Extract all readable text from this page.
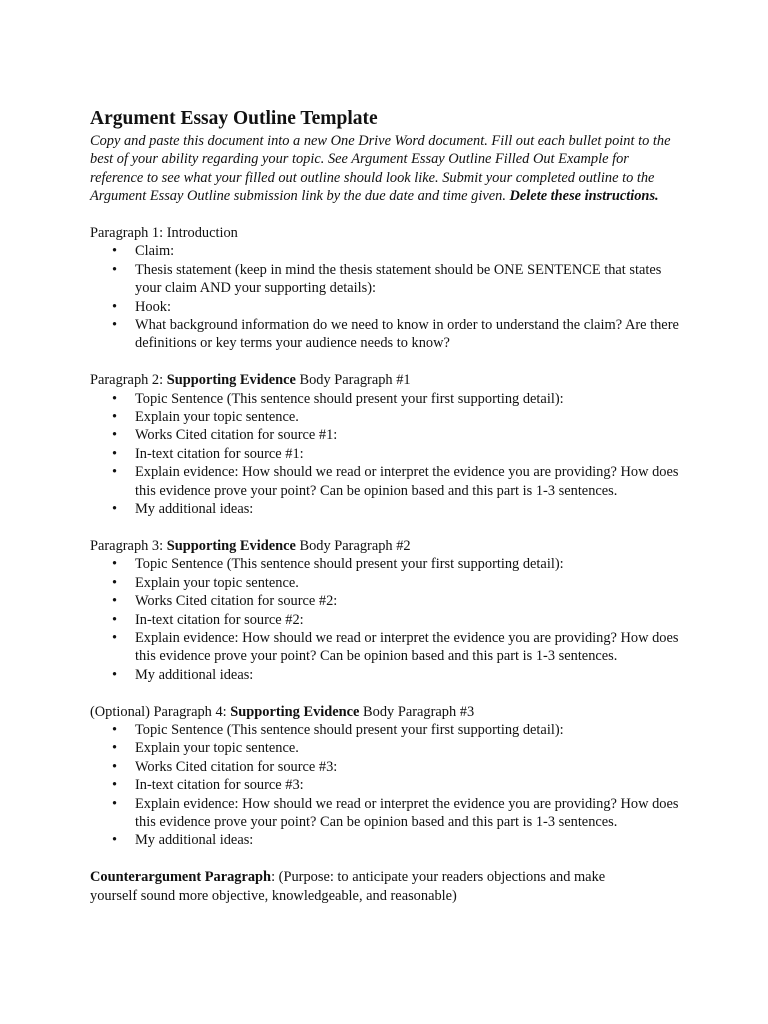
Argument Essay Outline Template

Copy and paste this document into a new One Drive Word document. Fill out each bullet point to the best of your ability regarding your topic. See Argument Essay Outline Filled Out Example for reference to see what your filled out outline should look like. Submit your completed outline to the Argument Essay Outline submission link by the due date and time given. Delete these instructions.

Paragraph 1: Introduction

• Claim:
• Thesis statement (keep in mind the thesis statement should be ONE SENTENCE that states your claim AND your supporting details):
• Hook:
• What background information do we need to know in order to understand the claim? Are there definitions or key terms your audience needs to know?

Paragraph 2: Supporting Evidence Body Paragraph #1

• Topic Sentence (This sentence should present your first supporting detail):
• Explain your topic sentence.
• Works Cited citation for source #1:
• In-text citation for source #1:
• Explain evidence: How should we read or interpret the evidence you are providing? How does this evidence prove your point? Can be opinion based and this part is 1-3 sentences.
• My additional ideas:

Paragraph 3: Supporting Evidence Body Paragraph #2

• Topic Sentence (This sentence should present your first supporting detail):
• Explain your topic sentence.
• Works Cited citation for source #2:
• In-text citation for source #2:
• Explain evidence: How should we read or interpret the evidence you are providing? How does this evidence prove your point? Can be opinion based and this part is 1-3 sentences.
• My additional ideas:

(Optional) Paragraph 4: Supporting Evidence Body Paragraph #3

• Topic Sentence (This sentence should present your first supporting detail):
• Explain your topic sentence.
• Works Cited citation for source #3:
• In-text citation for source #3:
• Explain evidence: How should we read or interpret the evidence you are providing? How does this evidence prove your point? Can be opinion based and this part is 1-3 sentences.
• My additional ideas:

Counterargument Paragraph: (Purpose: to anticipate your readers objections and make yourself sound more objective, knowledgeable, and reasonable)
